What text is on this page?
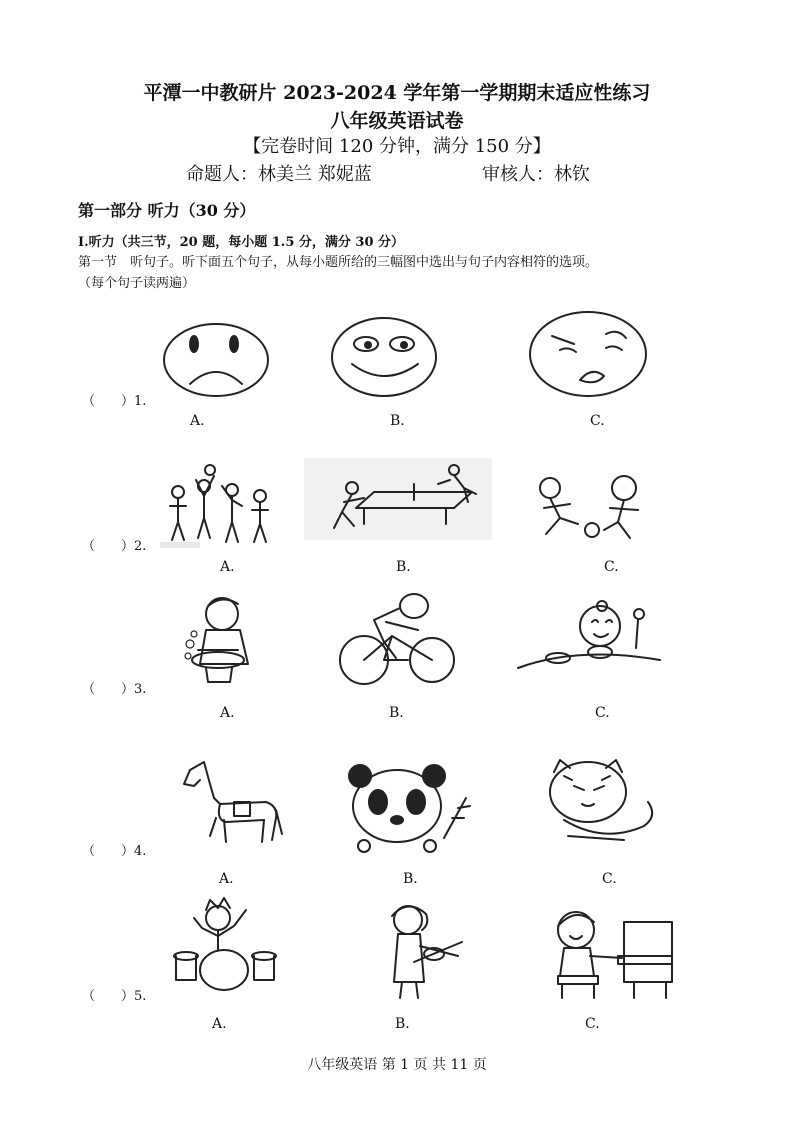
平潭一中教研片 2023-2024 学年第一学期期末适应性练习
八年级英语试卷
【完卷时间 120 分钟，满分 150 分】
命题人：林美兰 郑妮蓝	审核人：林钦
第一部分 听力（30 分）
I.听力（共三节，20 题，每小题 1.5 分，满分 30 分）
第一节　听句子。听下面五个句子，从每小题所给的三幅图中选出与句子内容相符的选项。
（每个句子读两遍）
（　　）1.
A.	B.	C.
（　　）2.
A.	B.	C.
（　　）3.
A.	B.	C.
（　　）4.
A.	B.	C.
（　　）5.
A.	B.	C.
八年级英语 第 1 页 共 11 页
